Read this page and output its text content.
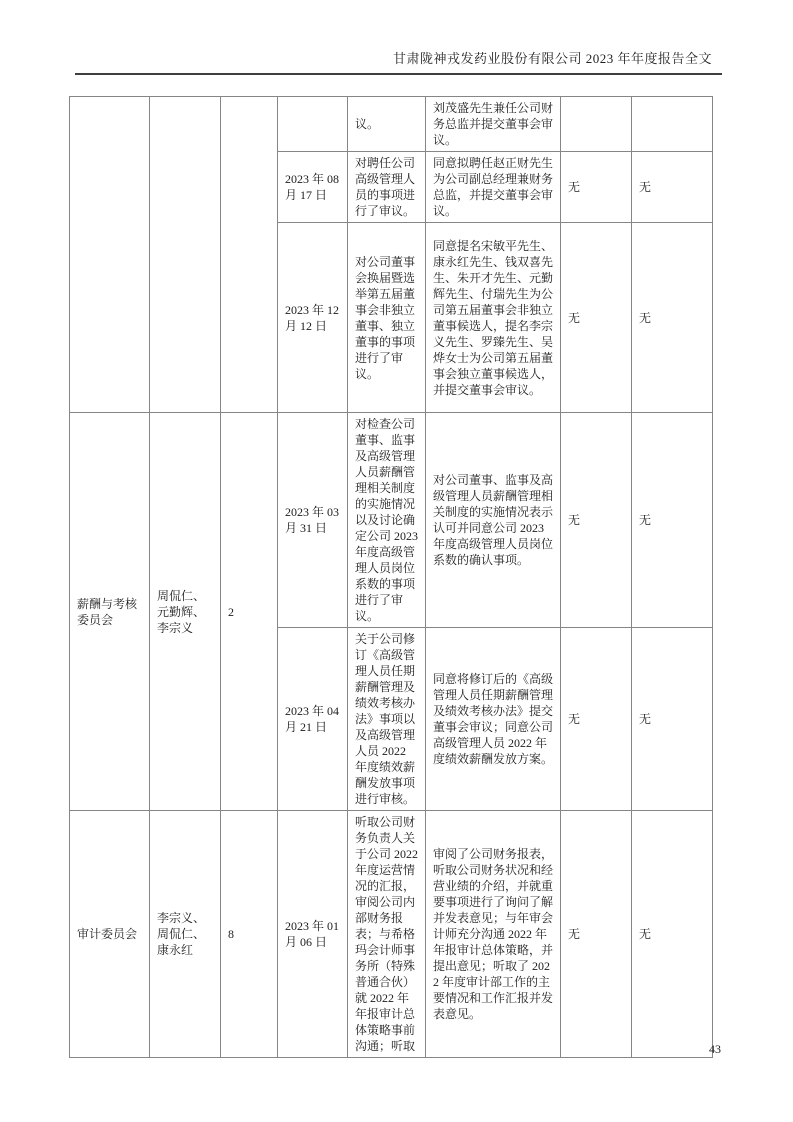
甘肃陇神戎发药业股份有限公司 2023 年年度报告全文
				议。	刘茂盛先生兼任公司财务总监并提交董事会审议。		
			2023 年 08 月 17 日	对聘任公司高级管理人员的事项进行了审议。	同意拟聘任赵正财先生为公司副总经理兼财务总监，并提交董事会审议。	无	无
			2023 年 12 月 12 日	对公司董事会换届暨选举第五届董事会非独立董事、独立董事的事项进行了审议。	同意提名宋敏平先生、康永红先生、钱双喜先生、朱开才先生、元勤辉先生、付瑞先生为公司第五届董事会非独立董事候选人，提名李宗义先生、罗臻先生、吴烨女士为公司第五届董事会独立董事候选人，并提交董事会审议。	无	无
薪酬与考核委员会	周侃仁、元勤辉、李宗义	2	2023 年 03 月 31 日	对检查公司董事、监事及高级管理人员薪酬管理相关制度的实施情况以及讨论确定公司 2023 年度高级管理人员岗位系数的事项进行了审议。	对公司董事、监事及高级管理人员薪酬管理相关制度的实施情况表示认可并同意公司 2023 年度高级管理人员岗位系数的确认事项。	无	无
			2023 年 04 月 21 日	关于公司修订《高级管理人员任期薪酬管理及绩效考核办法》事项以及高级管理人员 2022 年度绩效薪酬发放事项进行审核。	同意将修订后的《高级管理人员任期薪酬管理及绩效考核办法》提交董事会审议；同意公司高级管理人员 2022 年度绩效薪酬发放方案。	无	无
审计委员会	李宗义、周侃仁、康永红	8	2023 年 01 月 06 日	听取公司财务负责人关于公司 2022 年度运营情况的汇报，审阅公司内部财务报表；与希格玛会计师事务所（特殊普通合伙）就 2022 年年报审计总体策略事前沟通；听取	审阅了公司财务报表，听取公司财务状况和经营业绩的介绍，并就重要事项进行了询问了解并发表意见；与年审会计师充分沟通 2022 年年报审计总体策略，并提出意见；听取了 2022 年度审计部工作的主要情况和工作汇报并发表意见。	无	无
43
